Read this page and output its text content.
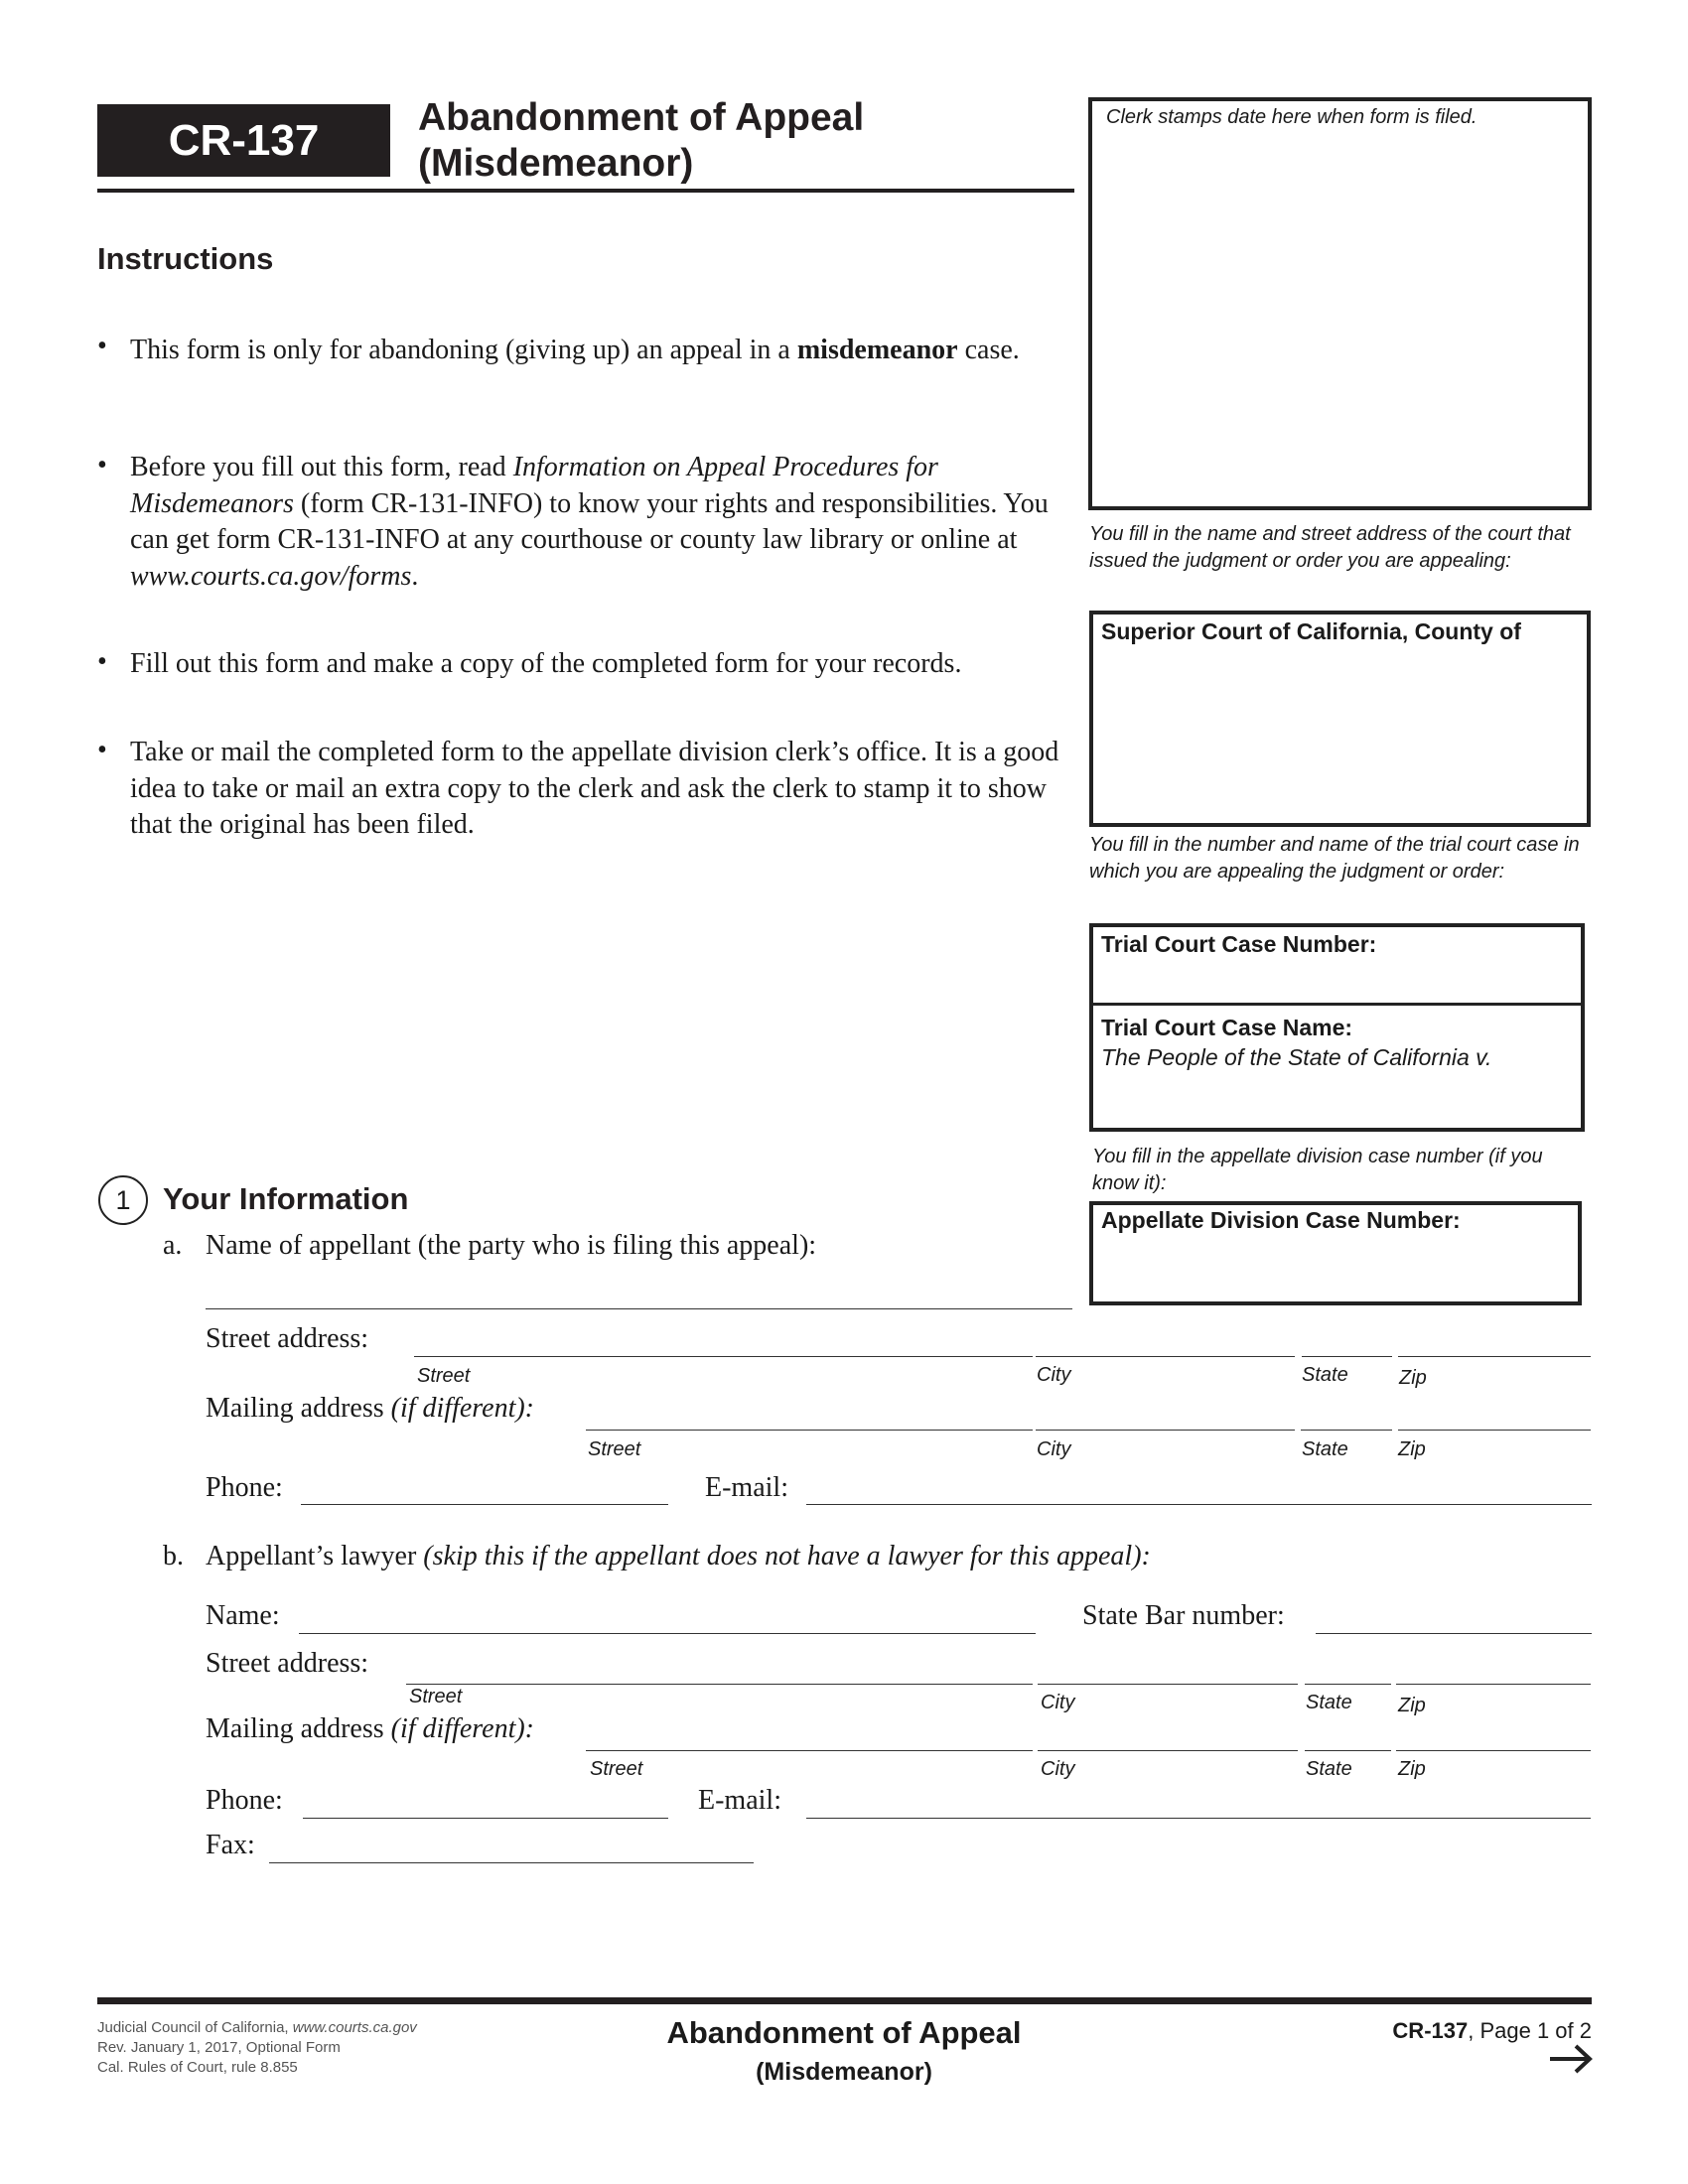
CR-137	Abandonment of Appeal
(Misdemeanor)
Clerk stamps date here when form is filed.
You fill in the name and street address of the court that issued the judgment or order you are appealing:
Superior Court of California, County of
You fill in the number and name of the trial court case in which you are appealing the judgment or order:
Trial Court Case Number:
Trial Court Case Name:
The People of the State of California v.
You fill in the appellate division case number (if you know it):
Appellate Division Case Number:
Instructions
• This form is only for abandoning (giving up) an appeal in a misdemeanor case.
• Before you fill out this form, read Information on Appeal Procedures for Misdemeanors (form CR-131-INFO) to know your rights and responsibilities. You can get form CR-131-INFO at any courthouse or county law library or online at www.courts.ca.gov/forms.
• Fill out this form and make a copy of the completed form for your records.
• Take or mail the completed form to the appellate division clerk’s office. It is a good idea to take or mail an extra copy to the clerk and ask the clerk to stamp it to show that the original has been filed.
1	Your Information
a. Name of appellant (the party who is filing this appeal):
Street address:
Street	City	State	Zip
Mailing address (if different):
Street	City	State	Zip
Phone:	E-mail:
b. Appellant’s lawyer (skip this if the appellant does not have a lawyer for this appeal):
Name:	State Bar number:
Street address:
Street	City	State Zip
Mailing address (if different):
Street	City	State Zip
Phone:	E-mail:
Fax:
Judicial Council of California, www.courts.ca.gov
Rev. January 1, 2017, Optional Form
Cal. Rules of Court, rule 8.855
Abandonment of Appeal
(Misdemeanor)
CR-137, Page 1 of 2
